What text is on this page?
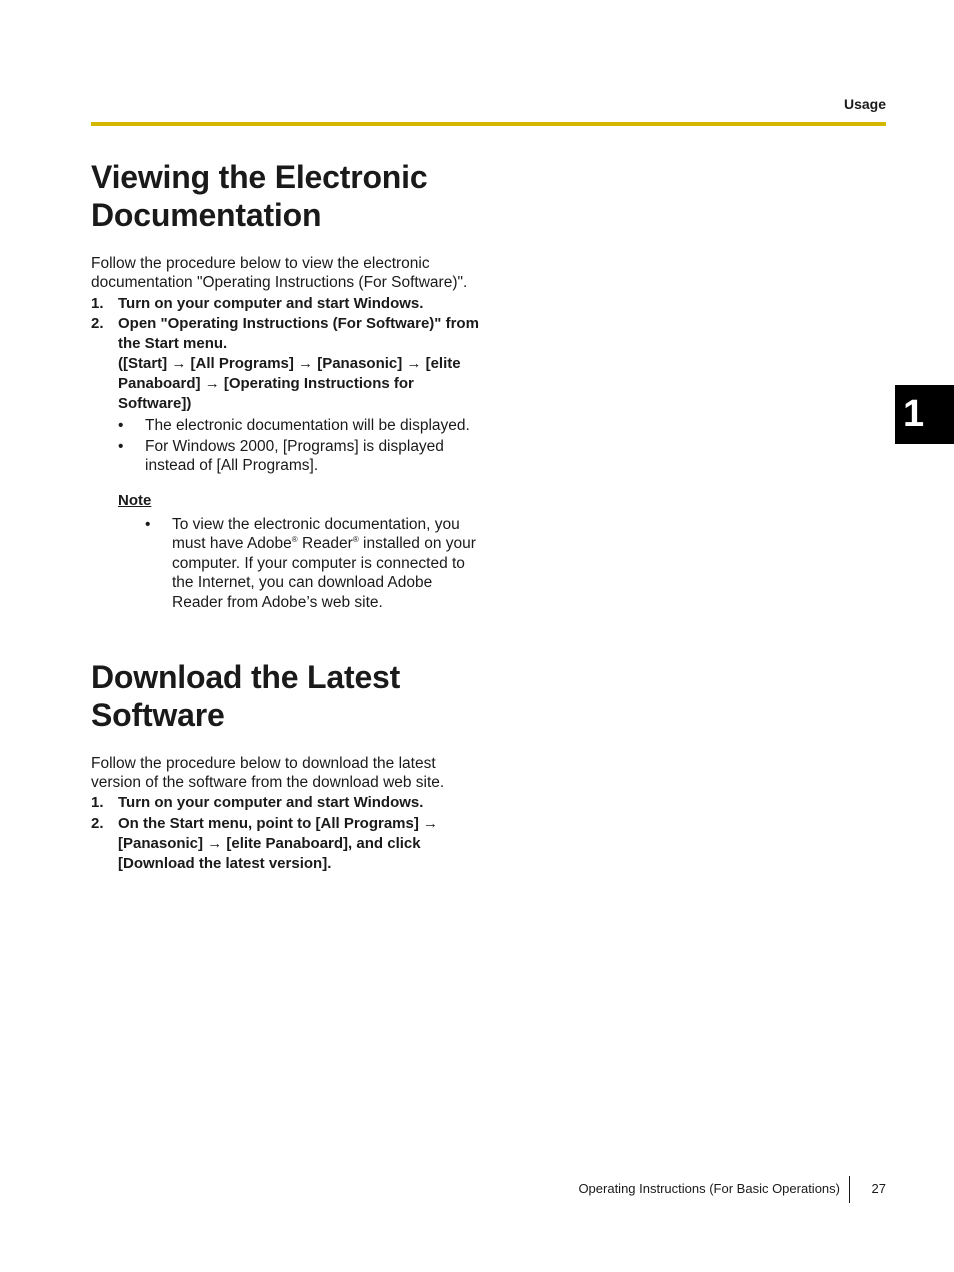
Usage
Viewing the Electronic
Documentation

Follow the procedure below to view the electronic documentation "Operating Instructions (For Software)".

1. Turn on your computer and start Windows.

2. Open "Operating Instructions (For Software)" from the Start menu.

([Start] → [All Programs] → [Panasonic] → [elite Panaboard] → [Operating Instructions for Software])

• The electronic documentation will be displayed.
• For Windows 2000, [Programs] is displayed instead of [All Programs].
Note
• To view the electronic documentation, you must have Adobe® Reader® installed on your computer. If your computer is connected to the Internet, you can download Adobe Reader from Adobe’s web site.
Download the Latest
Software

Follow the procedure below to download the latest version of the software from the download web site.

1. Turn on your computer and start Windows.

2. On the Start menu, point to [All Programs] → [Panasonic] → [elite Panaboard], and click [Download the latest version].

1
Operating Instructions (For Basic Operations) 27
